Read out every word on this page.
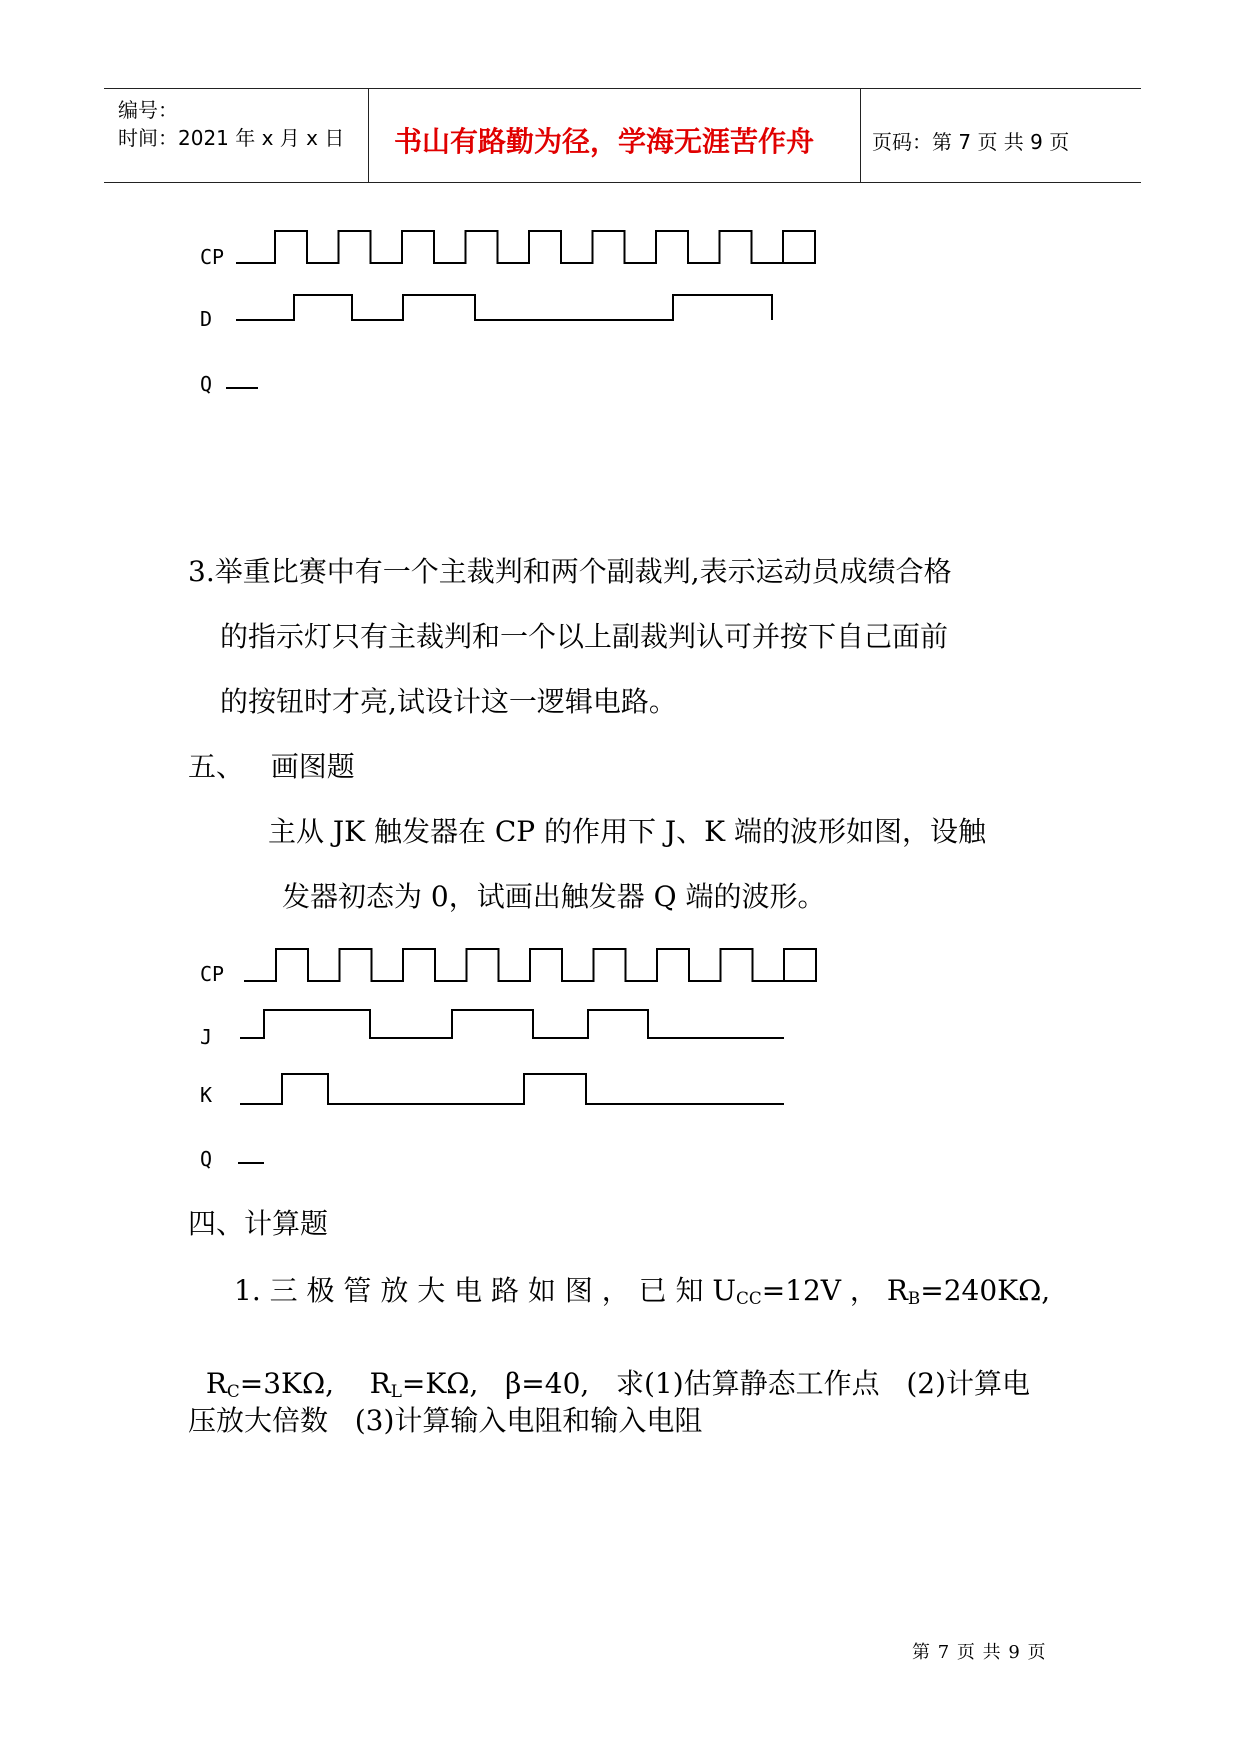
编号：
时间：2021 年 x 月 x 日 书山有路勤为径，学海无涯苦作舟	页码：第 7 页 共 9 页
CP
D
Q
3.举重比赛中有一个主裁判和两个副裁判,表示运动员成绩合格
的指示灯只有主裁判和一个以上副裁判认可并按下自己面前
的按钮时才亮,试设计这一逻辑电路。
五、   画图题
主从 JK 触发器在 CP 的作用下 J、K 端的波形如图，设触
发器初态为 0，试画出触发器 Q 端的波形。
CP
J
K
Q
四、计算题
1. 三 极 管 放 大 电 路 如 图 ， 已 知 $U_{CC}=12V$ ， $R_B=240K\Omega$,

$R_C=3K\Omega$,    $R_L=K\Omega$,   β=40,   求(1)估算静态工作点   (2)计算电

压放大倍数   (3)计算输入电阻和输入电阻
第 7 页 共 9 页
